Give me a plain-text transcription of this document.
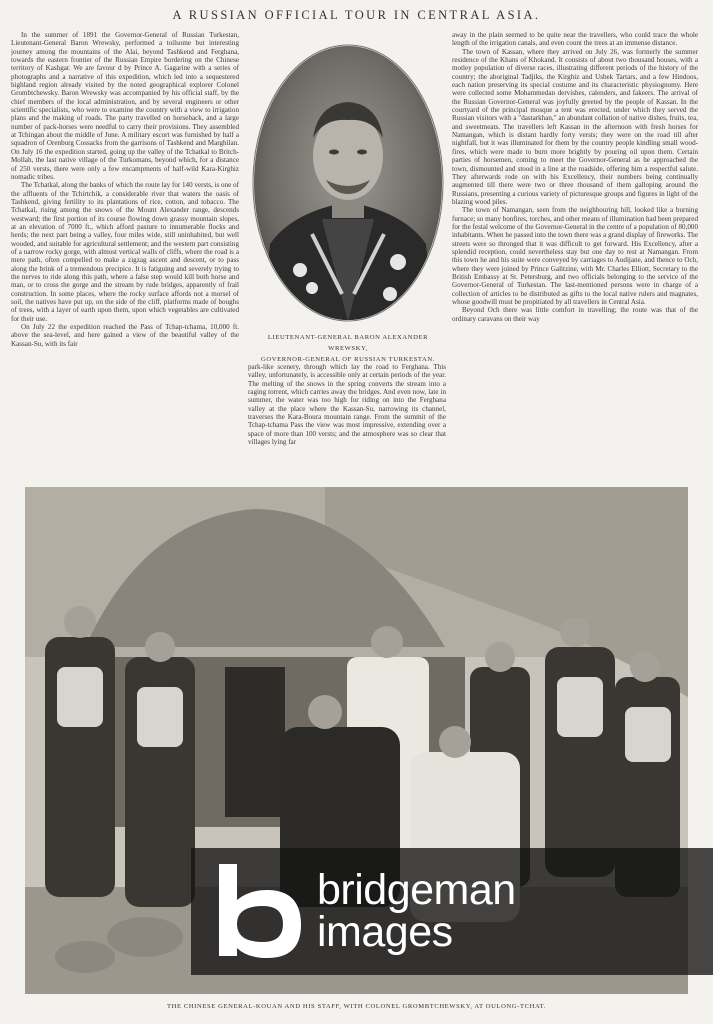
A RUSSIAN OFFICIAL TOUR IN CENTRAL ASIA.

In the summer of 1891 the Governor-General of Russian Turkestan, Lieutenant-General Baron Wrewsky, performed a toilsome but interesting journey among the mountains of the Alai, beyond Tashkend and Ferghana, towards the eastern frontier of the Russian Empire bordering on the Chinese territory of Kashgar. We are favour d by Prince A. Gagarine with a series of photographs and a narrative of this expedition, which led into a sequestered highland region already visited by the noted geographical explorer Colonel Grombtchewsky. Baron Wrewsky was accompanied by his official staff, by the chief members of the local administration, and by several engineers or other scientific specialists, who were to examine the country with a view to irrigation plans and the making of roads. The party travelled on horseback, and a large number of pack-horses were needful to carry their provisions. They assembled at Tchingan about the middle of June. A military escort was furnished by half a squadron of Orenburg Cossacks from the garrisons of Tashkend and Marghilan. On July 16 the expedition started, going up the valley of the Tchatkal to Britch-Mollah, the last native village of the Turkomans, beyond which, for a distance of 250 versts, there were only a few encampments of half-wild Kara-Kirghiz nomadic tribes.

The Tchatkal, along the banks of which the route lay for 140 versts, is one of the affluents of the Tchirtchik, a considerable river that waters the oasis of Tashkend, giving fertility to its plantations of rice, cotton, and tobacco. The Tchatkal, rising among the snows of the Mount Alexander range, descends westward; the first portion of its course flowing down grassy mountain slopes, at an elevation of 7000 ft., which afford pasture to innumerable flocks and herds; the next part being a valley, four miles wide, still uninhabited, but well wooded, and suitable for agricultural settlement; and the western part consisting of a narrow rocky gorge, with almost vertical walls of cliffs, where the road is a mere path, often compelled to make a zigzag ascent and descent, or to pass along the brink of a tremendous precipice. It is fatiguing and severely trying to the nerves to ride along this path, where a false step would kill both horse and man, or to cross the gorge and the stream by rude bridges, apparently of frail construction. In some places, where the rocky surface affords not a morsel of soil, the natives have put up, on the side of the cliff, platforms made of boughs of trees, with a layer of earth upon them, upon which vegetables are cultivated for their use.

On July 22 the expedition reached the Pass of Tchap-tchama, 10,000 ft. above the sea-level, and here gained a view of the beautiful valley of the Kassan-Su, with its fair

LIEUTENANT-GENERAL BARON ALEXANDER WREWSKY,
GOVERNOR-GENERAL OF RUSSIAN TURKESTAN.

park-like scenery, through which lay the road to Ferghana. This valley, unfortunately, is accessible only at certain periods of the year. The melting of the snows in the spring converts the stream into a raging torrent, which carries away the bridges. And even now, late in summer, the water was too high for riding on into the Ferghana valley at the place where the Kassan-Su, narrowing its channel, traverses the Kara-Boura mountain range. From the summit of the Tchap-tchama Pass the view was most impressive, extending over a space of more than 100 versts; and the atmosphere was so clear that villages lying far

away in the plain seemed to be quite near the travellers, who could trace the whole length of the irrigation canals, and even count the trees at an immense distance.

The town of Kassan, where they arrived on July 26, was formerly the summer residence of the Khans of Khokand. It consists of about two thousand houses, with a motley population of diverse races, illustrating different periods of the history of the country; the aboriginal Tadjiks, the Kirghiz and Usbek Tartars, and a few Hindoos, each nation preserving its special costume and its characteristic physiognomy. Here were collected some Mohammedan dervishes, calenders, and fakeers. The arrival of the Russian Governor-General was joyfully greeted by the people of Kassan. In the courtyard of the principal mosque a tent was erected, under which they served the Russian visitors with a "dastarkhan," an abundant collation of native dishes, fruits, tea, and sweetmeats. The travellers left Kassan in the afternoon with fresh horses for Namangan, which is distant hardly forty versts; they were on the road till after nightfall, but it was illuminated for them by the country people kindling small wood-fires, which were made to burn more brightly by pouring oil upon them. Certain parties of horsemen, coming to meet the Governor-General as he approached the town, dismounted and stood in a line at the roadside, offering him a respectful salute. They afterwards rode on with his Excellency, their numbers being continually augmented till there were two or three thousand of them galloping around the Russians, presenting a curious variety of picturesque groups and figures in light of the blazing wood piles.

The town of Namangan, seen from the neighbouring hill, looked like a burning furnace; so many bonfires, torches, and other means of illumination had been prepared for the festal welcome of the Governor-General in the centre of a population of 80,000 inhabitants. When he passed into the town there was a grand display of fireworks. The streets were so thronged that it was difficult to get forward. His Excellency, after a splendid reception, could nevertheless stay but one day to rest at Namangan. From this town he and his suite were conveyed by carriages to Audijane, and thence to Och, where they were joined by Prince Galitzine, with Mr. Charles Elliott, Secretary to the British Embassy at St. Petersburg, and two officials belonging to the service of the Governor-General of Turkestan. The last-mentioned persons were in charge of a collection of articles to be distributed as gifts to the local native rulers and magnates, whose goodwill must be propitiated by all travellers in Central Asia.

Beyond Och there was little comfort in travelling; the route was that of the ordinary caravans on their way

THE CHINESE GENERAL-KOUAN AND HIS STAFF, WITH COLONEL GROMBTCHEWSKY, AT OULONG-TCHAT.
bridgeman
images
